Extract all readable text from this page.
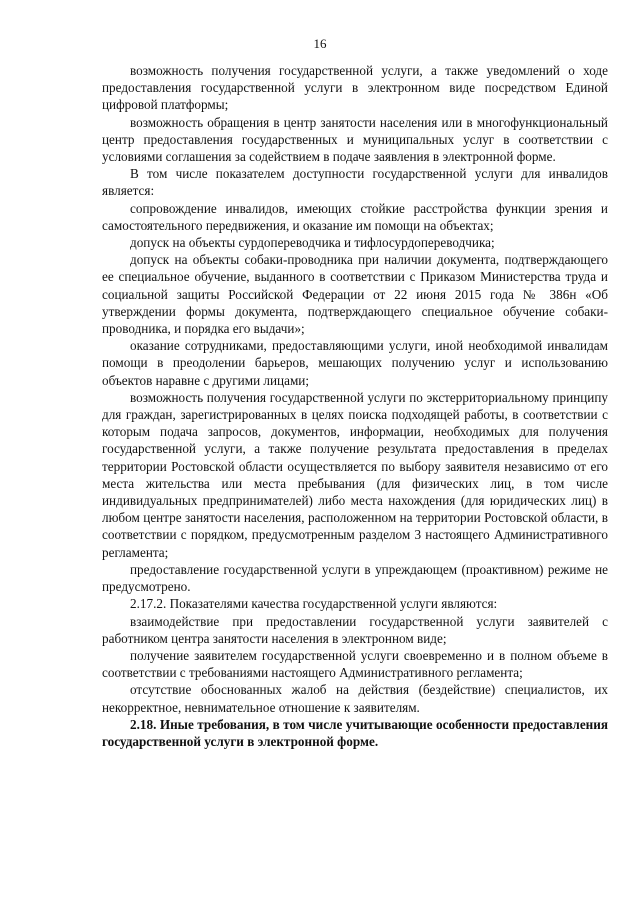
16

возможность получения государственной услуги, а также уведомлений о ходе предоставления государственной услуги в электронном виде посредством Единой цифровой платформы;

возможность обращения в центр занятости населения или в многофункциональный центр предоставления государственных и муниципальных услуг в соответствии с условиями соглашения за содействием в подаче заявления в электронной форме.

В том числе показателем доступности государственной услуги для инвалидов является:

сопровождение инвалидов, имеющих стойкие расстройства функции зрения и самостоятельного передвижения, и оказание им помощи на объектах;

допуск на объекты сурдопереводчика и тифлосурдопереводчика;

допуск на объекты собаки-проводника при наличии документа, подтверждающего ее специальное обучение, выданного в соответствии с Приказом Министерства труда и социальной защиты Российской Федерации от 22 июня 2015 года № 386н «Об утверждении формы документа, подтверждающего специальное обучение собаки-проводника, и порядка его выдачи»;

оказание сотрудниками, предоставляющими услуги, иной необходимой инвалидам помощи в преодолении барьеров, мешающих получению услуг и использованию объектов наравне с другими лицами;

возможность получения государственной услуги по экстерриториальному принципу для граждан, зарегистрированных в целях поиска подходящей работы, в соответствии с которым подача запросов, документов, информации, необходимых для получения государственной услуги, а также получение результата предоставления в пределах территории Ростовской области осуществляется по выбору заявителя независимо от его места жительства или места пребывания (для физических лиц, в том числе индивидуальных предпринимателей) либо места нахождения (для юридических лиц) в любом центре занятости населения, расположенном на территории Ростовской области, в соответствии с порядком, предусмотренным разделом 3 настоящего Административного регламента;

предоставление государственной услуги в упреждающем (проактивном) режиме не предусмотрено.

2.17.2. Показателями качества государственной услуги являются:

взаимодействие при предоставлении государственной услуги заявителей с работником центра занятости населения в электронном виде;

получение заявителем государственной услуги своевременно и в полном объеме в соответствии с требованиями настоящего Административного регламента;

отсутствие обоснованных жалоб на действия (бездействие) специалистов, их некорректное, невнимательное отношение к заявителям.

2.18. Иные требования, в том числе учитывающие особенности предоставления государственной услуги в электронной форме.
